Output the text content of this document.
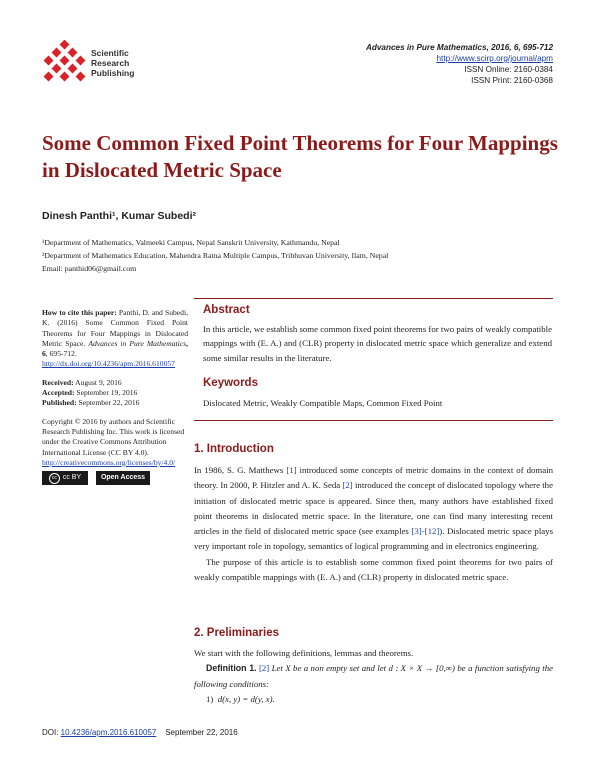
Scientific
Research
Publishing
Advances in Pure Mathematics, 2016, 6, 695-712
http://www.scirp.org/journal/apm
ISSN Online: 2160-0384
ISSN Print: 2160-0368
Some Common Fixed Point Theorems for Four Mappings in Dislocated Metric Space
Dinesh Panthi¹, Kumar Subedi²
¹Department of Mathematics, Valmeeki Campus, Nepal Sanskrit University, Kathmandu, Nepal
²Department of Mathematics Education, Mahendra Ratna Multiple Campus, Tribhuvan University, Ilam, Nepal
Email: panthid06@gmail.com

How to cite this paper: Panthi, D. and Subedi, K. (2016) Some Common Fixed Point Theorems for Four Mappings in Dislocated Metric Space. Advances in Pure Mathematics, 6, 695-712.
http://dx.doi.org/10.4236/apm.2016.610057

Received: August 9, 2016
Accepted: September 19, 2016
Published: September 22, 2016

Copyright © 2016 by authors and Scientific Research Publishing Inc. This work is licensed under the Creative Commons Attribution International License (CC BY 4.0).
http://creativecommons.org/licenses/by/4.0/

cc cc BY	Open Access
Abstract
In this article, we establish some common fixed point theorems for two pairs of weakly compatible mappings with (E. A.) and (CLR) property in dislocated metric space which generalize and extend some similar results in the literature.
Keywords
Dislocated Metric, Weakly Compatible Maps, Common Fixed Point
1. Introduction

In 1986, S. G. Matthews [1] introduced some concepts of metric domains in the context of domain theory. In 2000, P. Hitzler and A. K. Seda [2] introduced the concept of dislocated topology where the initiation of dislocated metric space is appeared. Since then, many authors have established fixed point theorems in dislocated metric space. In the literature, one can find many interesting recent articles in the field of dislocated metric space (see examples [3]-[12]). Dislocated metric space plays very important role in topology, semantics of logical programming and in electronics engineering.

The purpose of this article is to establish some common fixed point theorems for two pairs of weakly compatible mappings with (E. A.) and (CLR) property in dislocated metric space.

2. Preliminaries

We start with the following definitions, lemmas and theorems.

Definition 1. [2] Let X be a non empty set and let d : X × X → [0,∞) be a function satisfying the following conditions:

1) d(x, y) = d(y, x).

DOI: 10.4236/apm.2016.610057 September 22, 2016
